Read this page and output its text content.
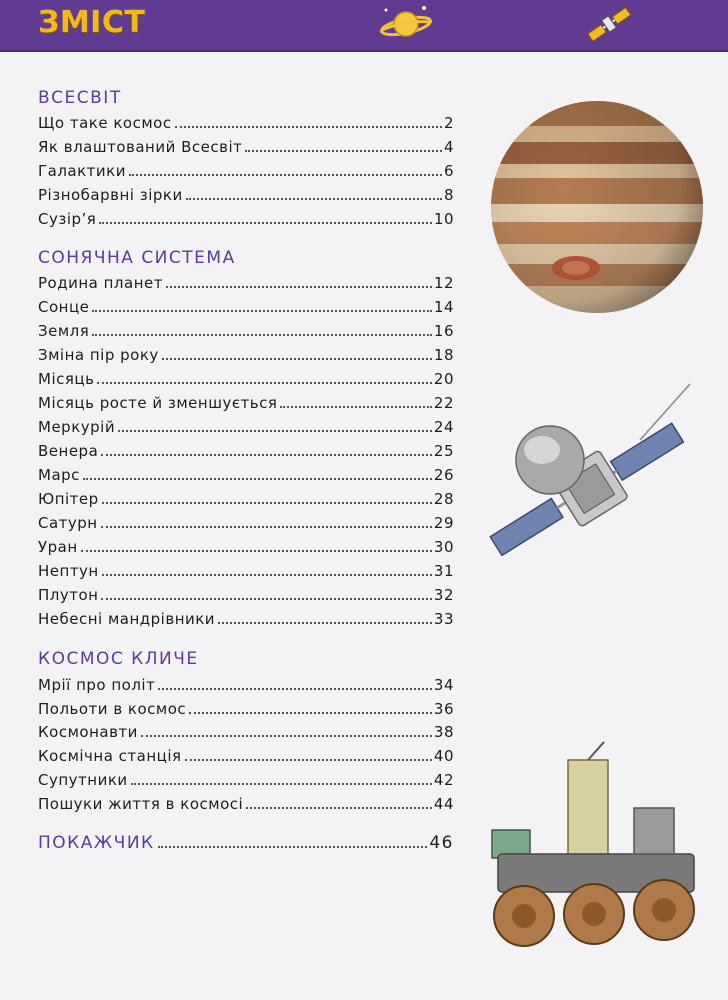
ЗМІСТ
ВСЕСВІТ
Що таке космос	2
Як влаштований Всесвіт	4
Галактики	6
Різнобарвні зірки	8
Сузір’я	10
СОНЯЧНА СИСТЕМА
Родина планет	12
Сонце	14
Земля	16
Зміна пір року	18
Місяць	20
Місяць росте й зменшується	22
Меркурій	24
Венера	25
Марс	26
Юпітер	28
Сатурн	29
Уран	30
Нептун	31
Плутон	32
Небесні мандрівники	33
КОСМОС КЛИЧЕ
Мрії про політ	34
Польоти в космос	36
Космонавти	38
Космічна станція	40
Супутники	42
Пошуки життя в космосі	44
ПОКАЖЧИК	46
